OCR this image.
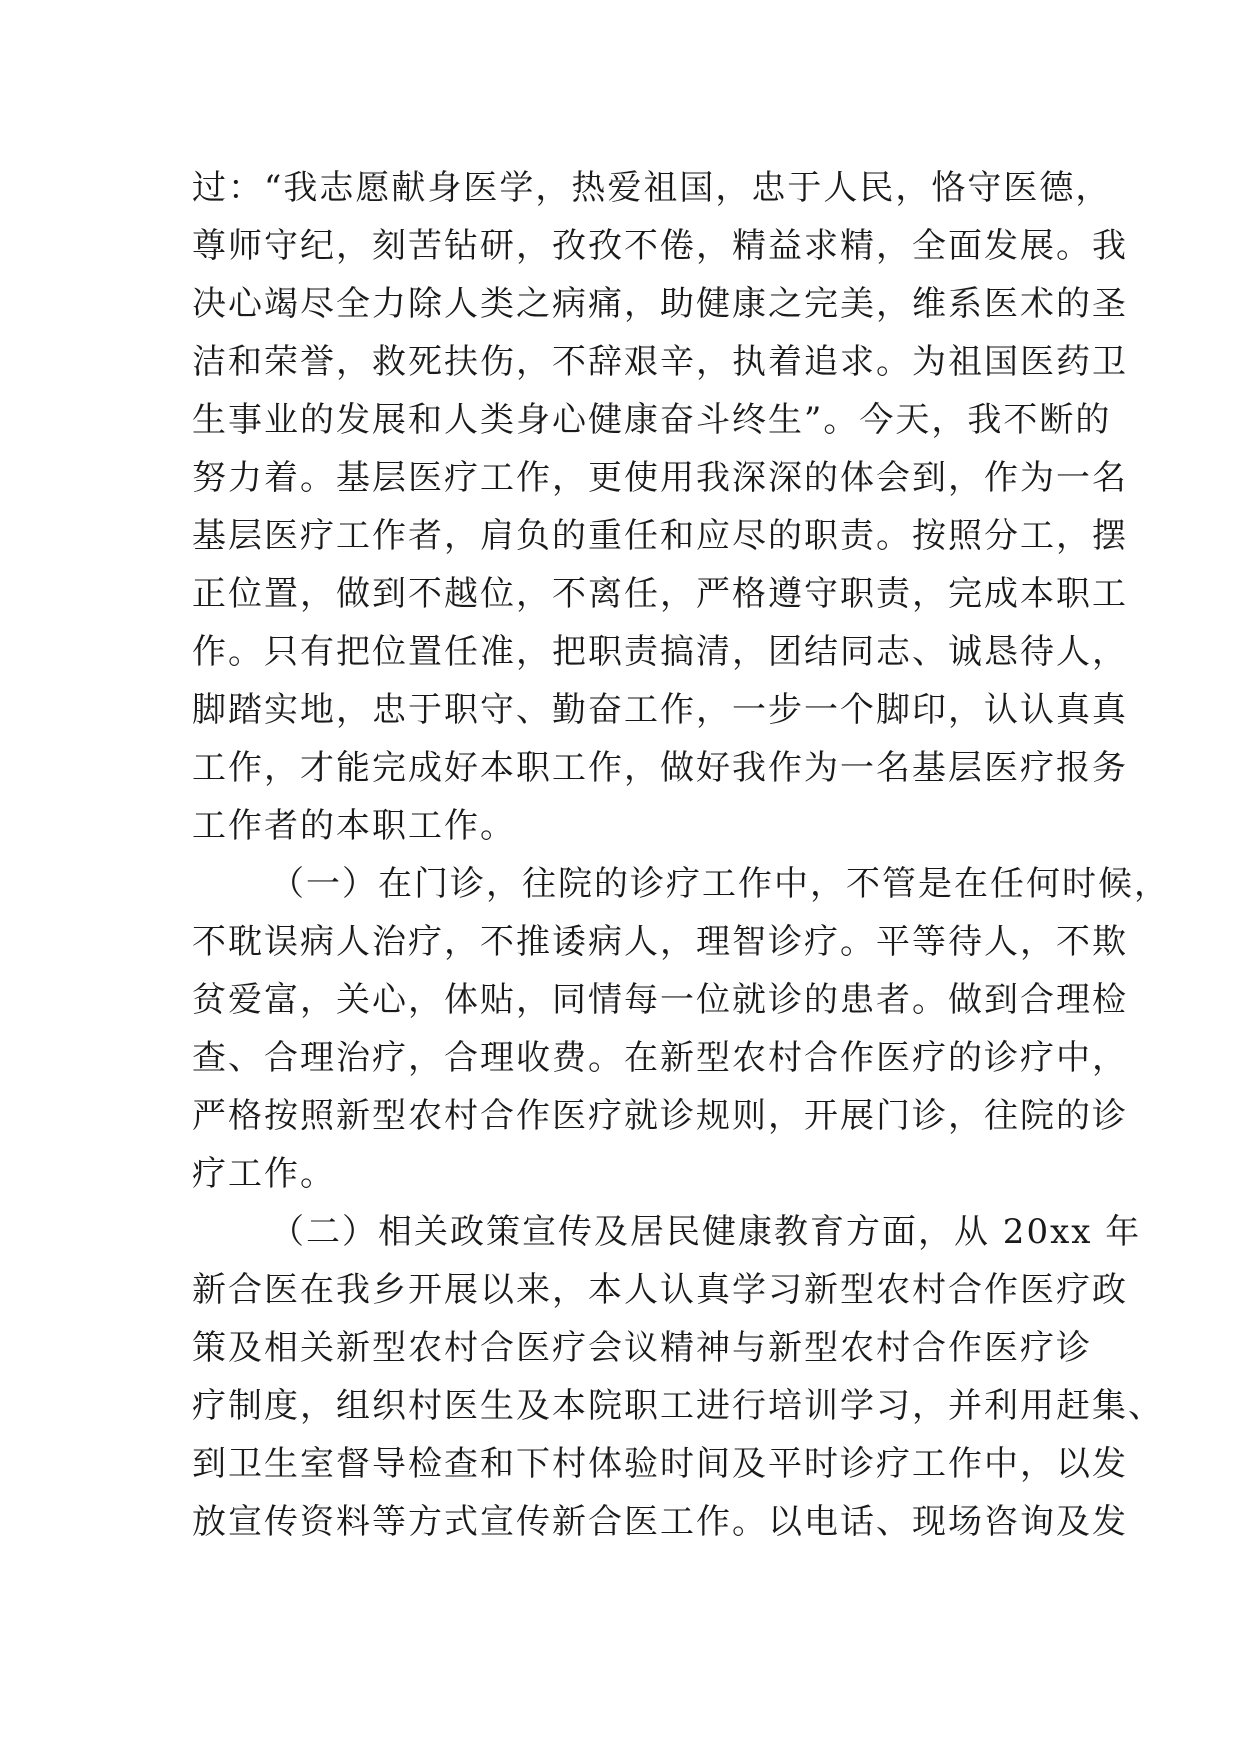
过：“我志愿献身医学，热爱祖国，忠于人民，恪守医德，
尊师守纪，刻苦钻研，孜孜不倦，精益求精，全面发展。我
决心竭尽全力除人类之病痛，助健康之完美，维系医术的圣
洁和荣誉，救死扶伤，不辞艰辛，执着追求。为祖国医药卫
生事业的发展和人类身心健康奋斗终生”。今天，我不断的
努力着。基层医疗工作，更使用我深深的体会到，作为一名
基层医疗工作者，肩负的重任和应尽的职责。按照分工，摆
正位置，做到不越位，不离任，严格遵守职责，完成本职工
作。只有把位置任准，把职责搞清，团结同志、诚恳待人，
脚踏实地，忠于职守、勤奋工作，一步一个脚印，认认真真
工作，才能完成好本职工作，做好我作为一名基层医疗报务
工作者的本职工作。
（一）在门诊，往院的诊疗工作中，不管是在任何时候，
不耽误病人治疗，不推诿病人，理智诊疗。平等待人，不欺
贫爱富，关心，体贴，同情每一位就诊的患者。做到合理检
查、合理治疗，合理收费。在新型农村合作医疗的诊疗中，
严格按照新型农村合作医疗就诊规则，开展门诊，往院的诊
疗工作。
（二）相关政策宣传及居民健康教育方面，从 20xx 年
新合医在我乡开展以来，本人认真学习新型农村合作医疗政
策及相关新型农村合医疗会议精神与新型农村合作医疗诊
疗制度，组织村医生及本院职工进行培训学习，并利用赶集、
到卫生室督导检查和下村体验时间及平时诊疗工作中，以发
放宣传资料等方式宣传新合医工作。以电话、现场咨询及发
